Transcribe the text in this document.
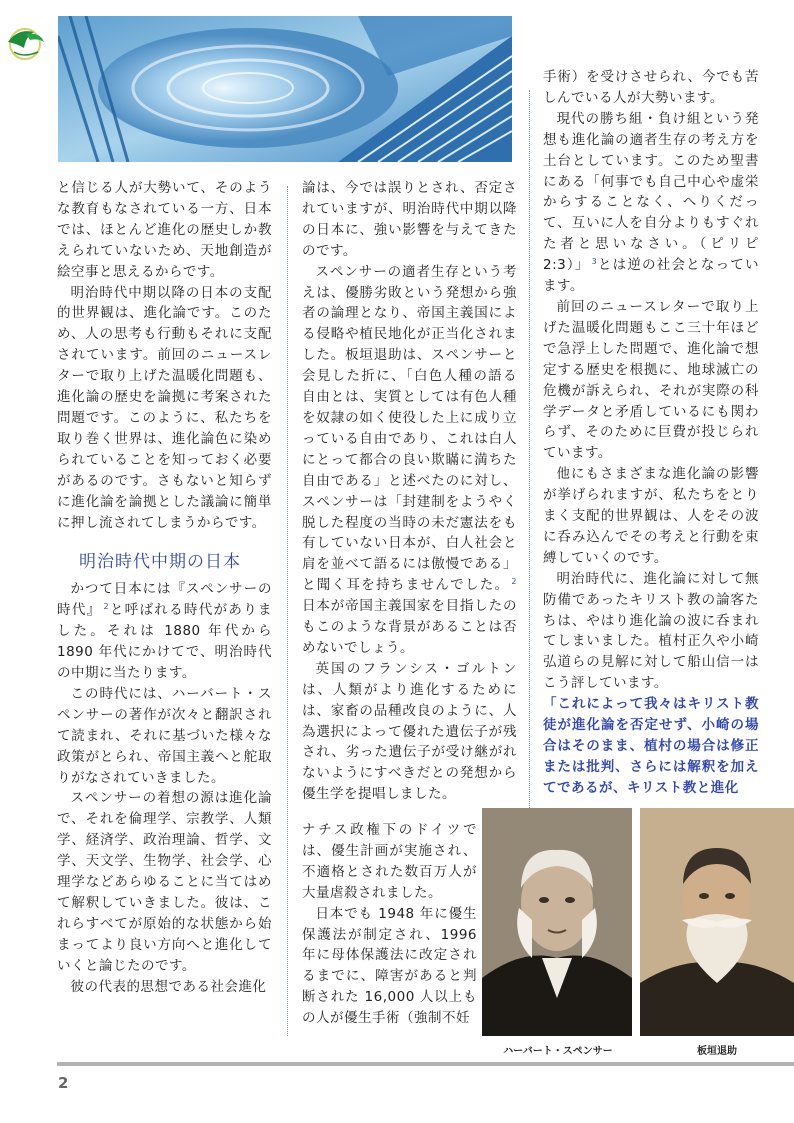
と信じる人が大勢いて、そのような教育もなされている一方、日本では、ほとんど進化の歴史しか教えられていないため、天地創造が絵空事と思えるからです。

明治時代中期以降の日本の支配的世界観は、進化論です。このため、人の思考も行動もそれに支配されています。前回のニュースレターで取り上げた温暖化問題も、進化論の歴史を論拠に考案された問題です。このように、私たちを取り巻く世界は、進化論色に染められていることを知っておく必要があるのです。さもないと知らずに進化論を論拠とした議論に簡単に押し流されてしまうからです。

明治時代中期の日本

かつて日本には『スペンサーの時代』 $^2$と呼ばれる時代がありました。それは 1880 年代から 1890 年代にかけてで、明治時代の中期に当たります。

この時代には、ハーバート・スペンサーの著作が次々と翻訳されて読まれ、それに基づいた様々な政策がとられ、帝国主義へと舵取りがなされていきました。

スペンサーの着想の源は進化論で、それを倫理学、宗教学、人類学、経済学、政治理論、哲学、文学、天文学、生物学、社会学、心理学などあらゆることに当てはめて解釈していきました。彼は、これらすべてが原始的な状態から始まってより良い方向へと進化していくと論じたのです。

彼の代表的思想である社会進化

論は、今では誤りとされ、否定されていますが、明治時代中期以降の日本に、強い影響を与えてきたのです。

スペンサーの適者生存という考えは、優勝劣敗という発想から強者の論理となり、帝国主義国による侵略や植民地化が正当化されました。板垣退助は、スペンサーと会見した折に、「白色人種の語る自由とは、実質としては有色人種を奴隷の如く使役した上に成り立っている自由であり、これは白人にとって都合の良い欺瞞に満ちた自由である」と述べたのに対し、スペンサーは「封建制をようやく脱した程度の当時の未だ憲法をも有していない日本が、白人社会と肩を並べて語るには傲慢である」と聞く耳を持ちませんでした。 $^2$日本が帝国主義国家を目指したのもこのような背景があることは否めないでしょう。

英国のフランシス・ゴルトンは、人類がより進化するためには、家畜の品種改良のように、人為選択によって優れた遺伝子が残され、劣った遺伝子が受け継がれないようにすべきだとの発想から優生学を提唱しました。

ナチス政権下のドイツでは、優生計画が実施され、不適格とされた数百万人が大量虐殺されました。

日本でも 1948 年に優生保護法が制定され、1996 年に母体保護法に改定されるまでに、障害があると判断された 16,000 人以上もの人が優生手術（強制不妊

手術）を受けさせられ、今でも苦しんでいる人が大勢います。

現代の勝ち組・負け組という発想も進化論の適者生存の考え方を土台としています。このため聖書にある「何事でも自己中心や虚栄からすることなく、へりくだって、互いに人を自分よりもすぐれた者と思いなさい。（ピリピ 2:3）」 $^3$とは逆の社会となっています。

前回のニュースレターで取り上げた温暖化問題もここ三十年ほどで急浮上した問題で、進化論で想定する歴史を根拠に、地球滅亡の危機が訴えられ、それが実際の科学データと矛盾しているにも関わらず、そのために巨費が投じられています。

他にもさまざまな進化論の影響が挙げられますが、私たちをとりまく支配的世界観は、人をその波に呑み込んでその考えと行動を束縛していくのです。

明治時代に、進化論に対して無防備であったキリスト教の論客たちは、やはり進化論の波に呑まれてしまいました。植村正久や小崎弘道らの見解に対して船山信一はこう評しています。

「これによって我々はキリスト教徒が進化論を否定せず、小崎の場合はそのまま、植村の場合は修正または批判、さらには解釈を加えてであるが、キリスト教と進化

ハーバート・スペンサー	板垣退助
2
